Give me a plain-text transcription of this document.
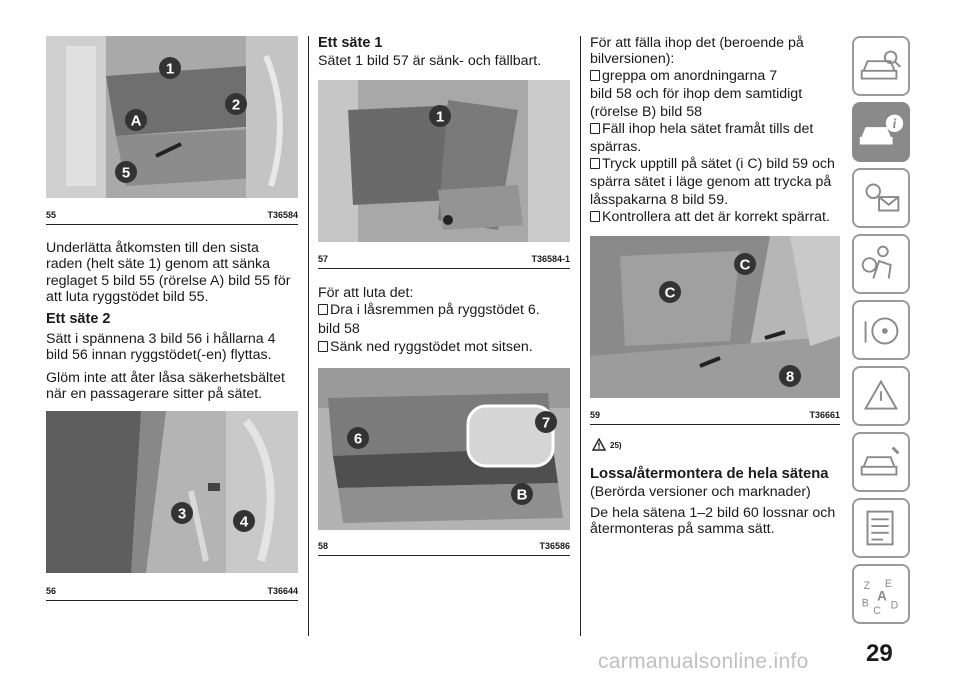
1
2
A
5
55	T36584
Underlätta åtkomsten till den sista
raden (helt säte 1) genom att sänka
reglaget 5 bild 55 (rörelse A) bild 55 för
att luta ryggstödet bild 55.
Ett säte 2
Sätt i spännena 3 bild 56 i hållarna 4
bild 56 innan ryggstödet(-en) flyttas.
Glöm inte att åter låsa säkerhetsbältet
när en passagerare sitter på sätet.
3	4
56	T36644
Ett säte 1
Sätet 1 bild 57 är sänk- och fällbart.
1
57	T36584-1
För att luta det:
Dra i låsremmen på ryggstödet 6.
bild 58
Sänk ned ryggstödet mot sitsen.
6
7
B
58	T36586
För att fälla ihop det (beroende på
bilversionen):
greppa om anordningarna 7
bild 58 och för ihop dem samtidigt
(rörelse B) bild 58
Fäll ihop hela sätet framåt tills det
spärras.
Tryck upptill på sätet (i C) bild 59 och
spärra sätet i läge genom att trycka på
låsspakarna 8 bild 59.
Kontrollera att det är korrekt spärrat.
C
C
8
59	T36661
25)
Lossa/återmontera de hela sätena
(Berörda versioner och marknader)
De hela sätena 1–2 bild 60 lossnar och
återmonteras på samma sätt.
i
Z E
A
B D
C
29
carmanualsonline.info
